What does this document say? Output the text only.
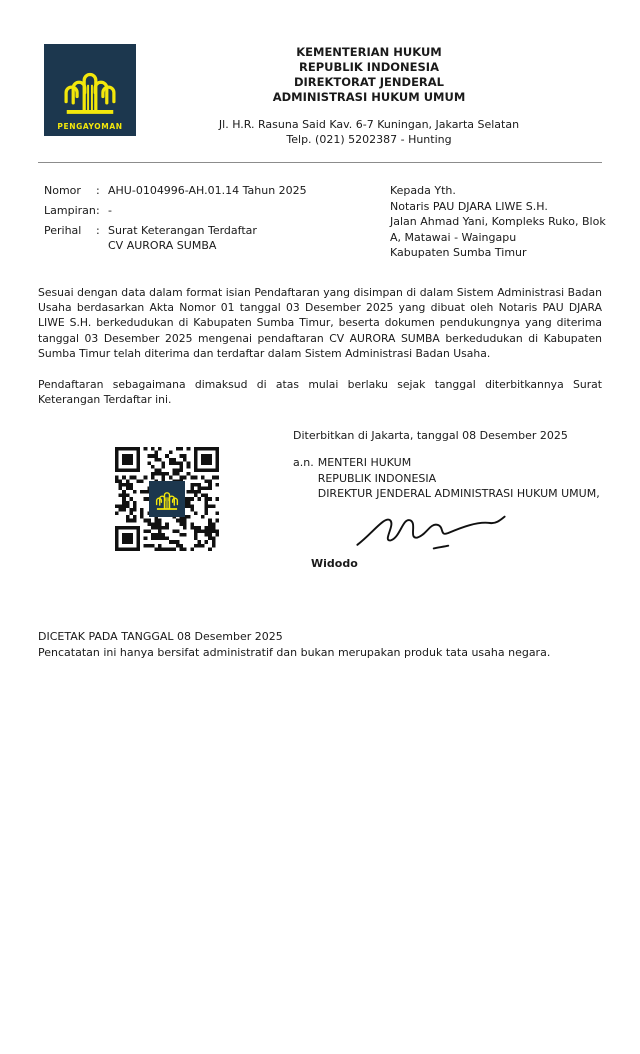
PENGAYOMAN
KEMENTERIAN HUKUM
REPUBLIK INDONESIA
DIREKTORAT JENDERAL
ADMINISTRASI HUKUM UMUM
Jl. H.R. Rasuna Said Kav. 6-7 Kuningan, Jakarta Selatan
Telp. (021) 5202387 - Hunting
Nomor	: AHU-0104996-AH.01.14 Tahun 2025
Lampiran : -
Perihal	: Surat Keterangan Terdaftar
CV AURORA SUMBA
Kepada Yth.
Notaris PAU DJARA LIWE S.H.
Jalan Ahmad Yani, Kompleks Ruko, Blok
A, Matawai - Waingapu
Kabupaten Sumba Timur

Sesuai dengan data dalam format isian Pendaftaran yang disimpan di dalam Sistem Administrasi Badan Usaha berdasarkan Akta Nomor 01 tanggal 03 Desember 2025 yang dibuat oleh Notaris PAU DJARA LIWE S.H. berkedudukan di Kabupaten Sumba Timur, beserta dokumen pendukungnya yang diterima tanggal 03 Desember 2025 mengenai pendaftaran CV AURORA SUMBA berkedudukan di Kabupaten Sumba Timur telah diterima dan terdaftar dalam Sistem Administrasi Badan Usaha.

Pendaftaran sebagaimana dimaksud di atas mulai berlaku sejak tanggal diterbitkannya Surat Keterangan Terdaftar ini.

Diterbitkan di Jakarta, tanggal 08 Desember 2025
a.n. MENTERI HUKUM
REPUBLIK INDONESIA
DIREKTUR JENDERAL ADMINISTRASI HUKUM UMUM,
Widodo
DICETAK PADA TANGGAL 08 Desember 2025
Pencatatan ini hanya bersifat administratif dan bukan merupakan produk tata usaha negara.
